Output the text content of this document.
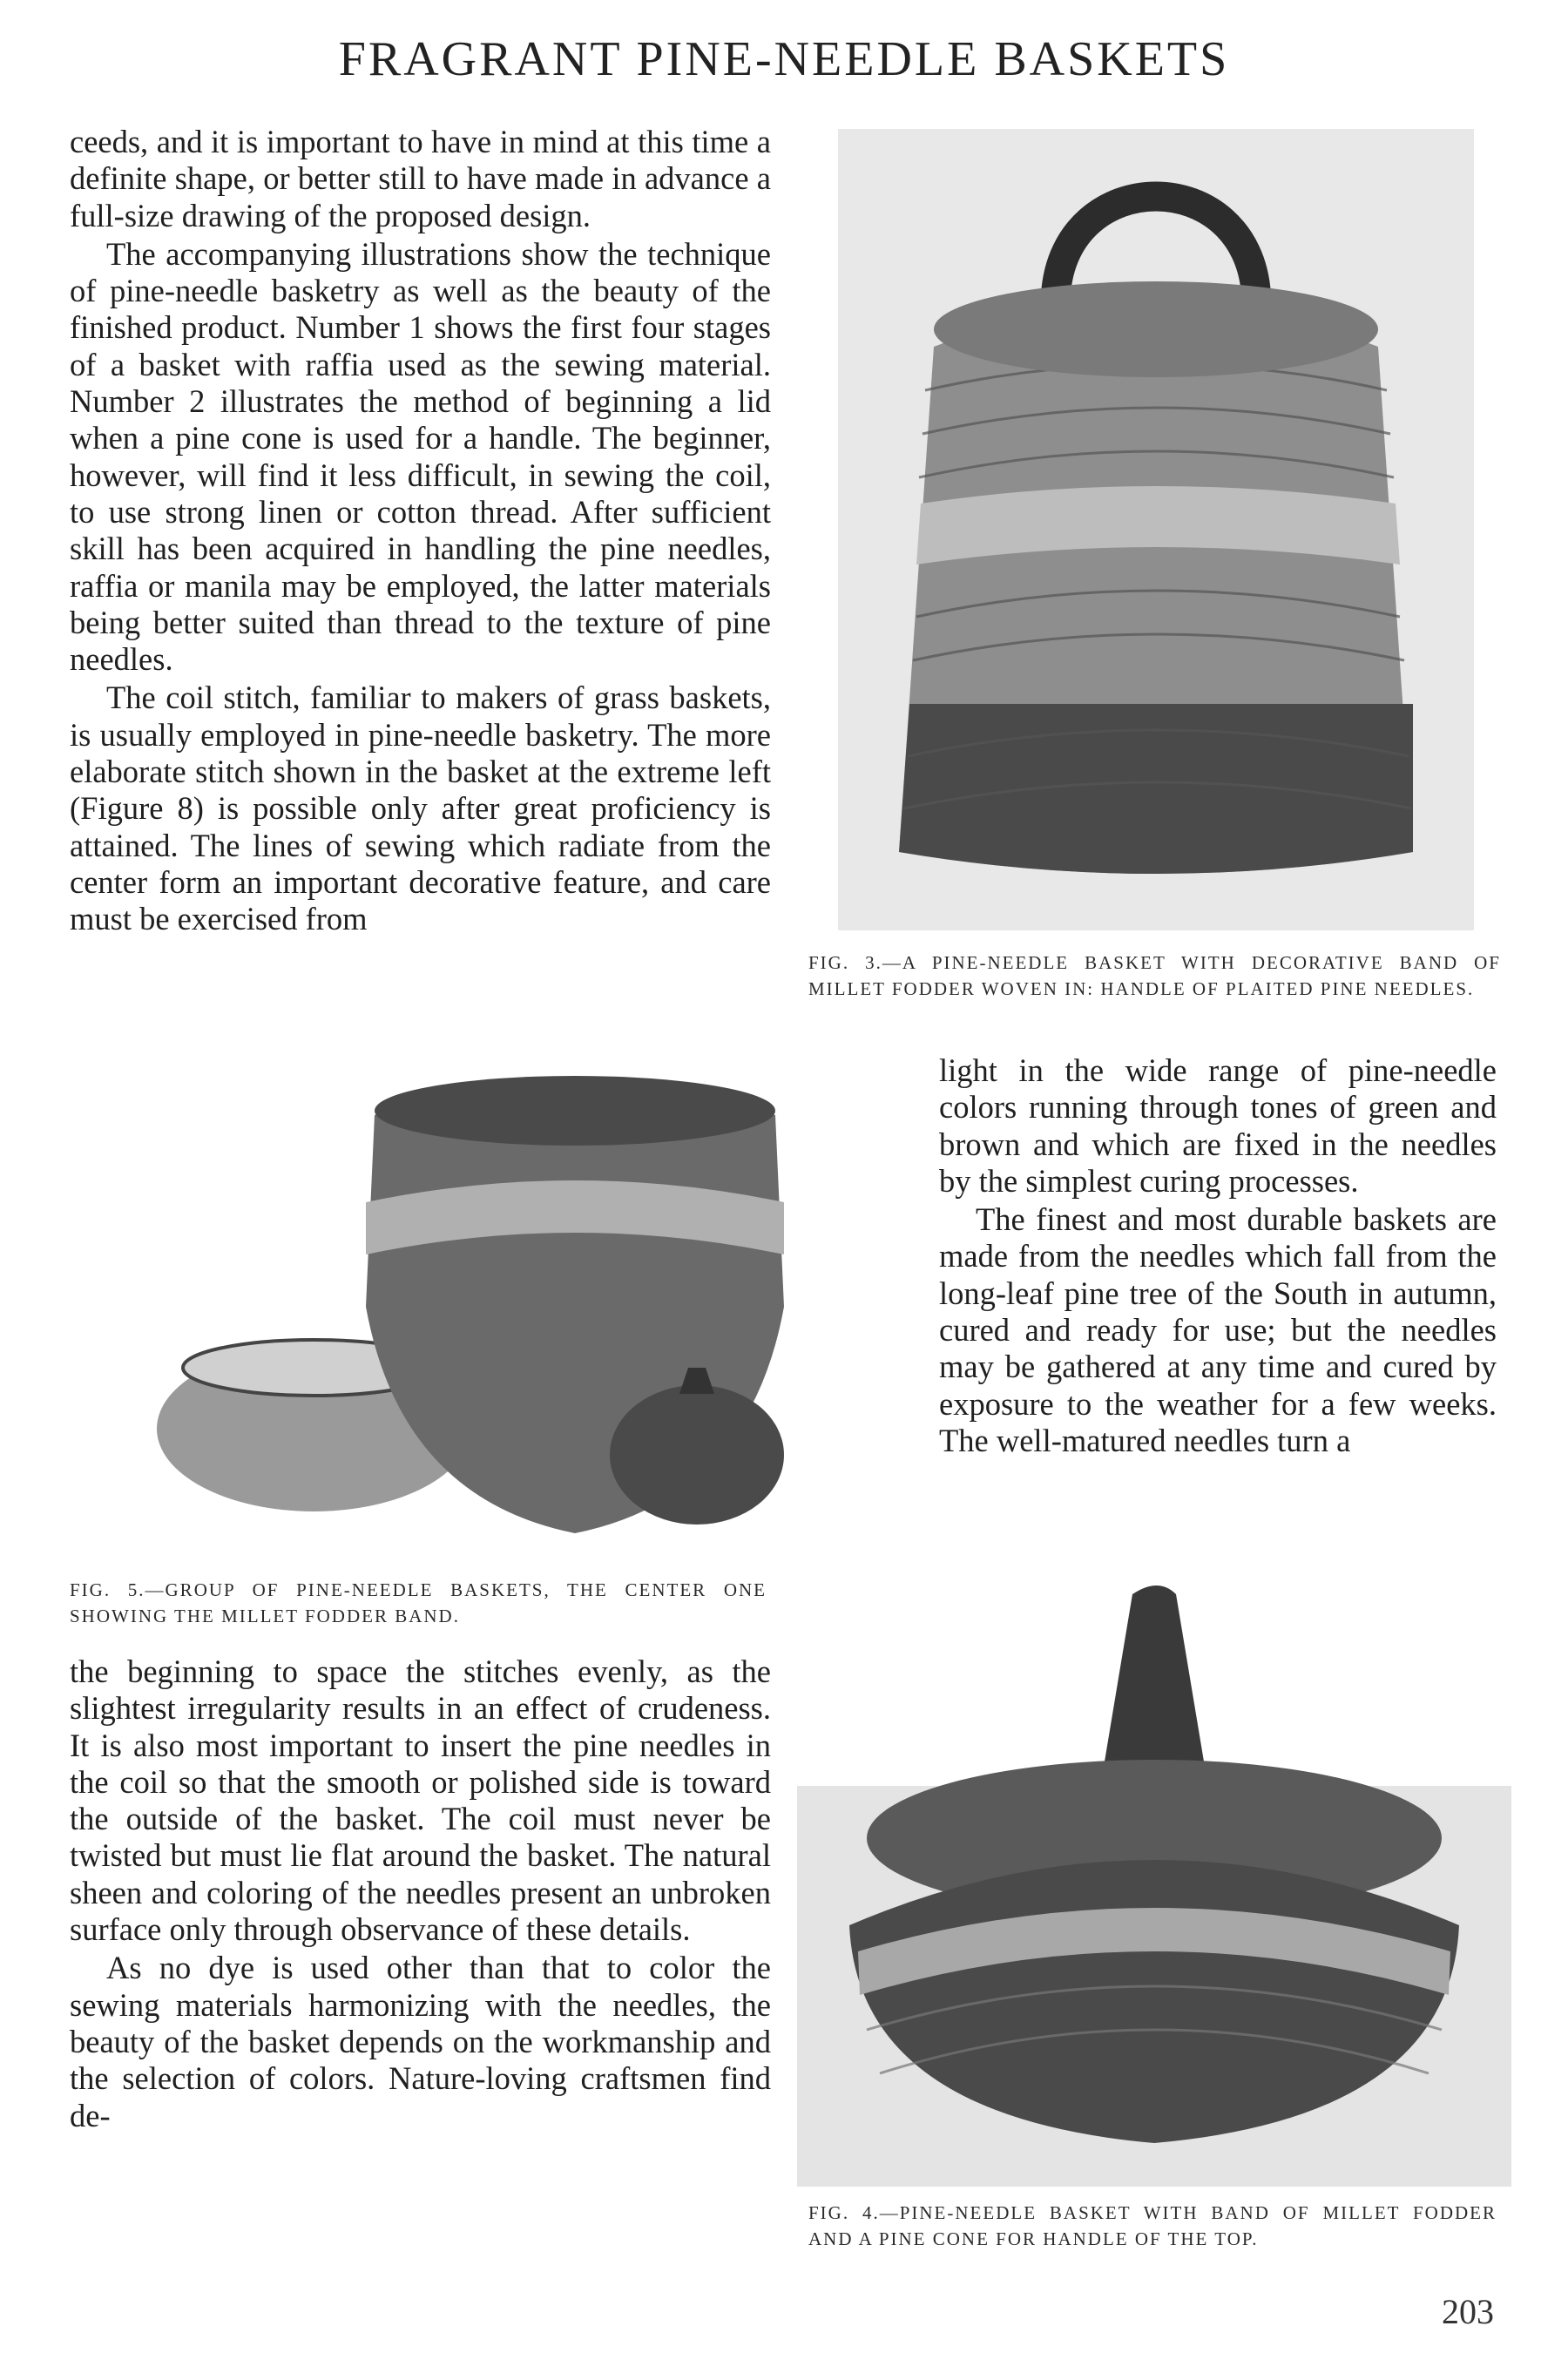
FRAGRANT PINE-NEEDLE BASKETS

ceeds, and it is important to have in mind at this time a definite shape, or better still to have made in advance a full-size drawing of the proposed design.

The accompanying illustrations show the technique of pine-needle basketry as well as the beauty of the finished product. Number 1 shows the first four stages of a basket with raffia used as the sewing material. Number 2 illustrates the method of beginning a lid when a pine cone is used for a handle. The beginner, however, will find it less difficult, in sewing the coil, to use strong linen or cotton thread. After sufficient skill has been acquired in handling the pine needles, raffia or manila may be employed, the latter materials being better suited than thread to the texture of pine needles.

The coil stitch, familiar to makers of grass baskets, is usually employed in pine-needle basketry. The more elaborate stitch shown in the basket at the extreme left (Figure 8) is possible only after great proficiency is attained. The lines of sewing which radiate from the center form an important decorative feature, and care must be exercised from

FIG. 3.—A PINE-NEEDLE BASKET WITH DECORATIVE BAND OF MILLET FODDER WOVEN IN: HANDLE OF PLAITED PINE NEEDLES.
FIG. 5.—GROUP OF PINE-NEEDLE BASKETS, THE CENTER ONE SHOWING THE MILLET FODDER BAND.

light in the wide range of pine-needle colors running through tones of green and brown and which are fixed in the needles by the simplest curing processes.

The finest and most durable baskets are made from the needles which fall from the long-leaf pine tree of the South in autumn, cured and ready for use; but the needles may be gathered at any time and cured by exposure to the weather for a few weeks. The well-matured needles turn a

the beginning to space the stitches evenly, as the slightest irregularity results in an effect of crudeness. It is also most important to insert the pine needles in the coil so that the smooth or polished side is toward the outside of the basket. The coil must never be twisted but must lie flat around the basket. The natural sheen and coloring of the needles present an unbroken surface only through observance of these details.

As no dye is used other than that to color the sewing materials harmonizing with the needles, the beauty of the basket depends on the workmanship and the selection of colors. Nature-loving craftsmen find de-

FIG. 4.—PINE-NEEDLE BASKET WITH BAND OF MILLET FODDER AND A PINE CONE FOR HANDLE OF THE TOP.
203
